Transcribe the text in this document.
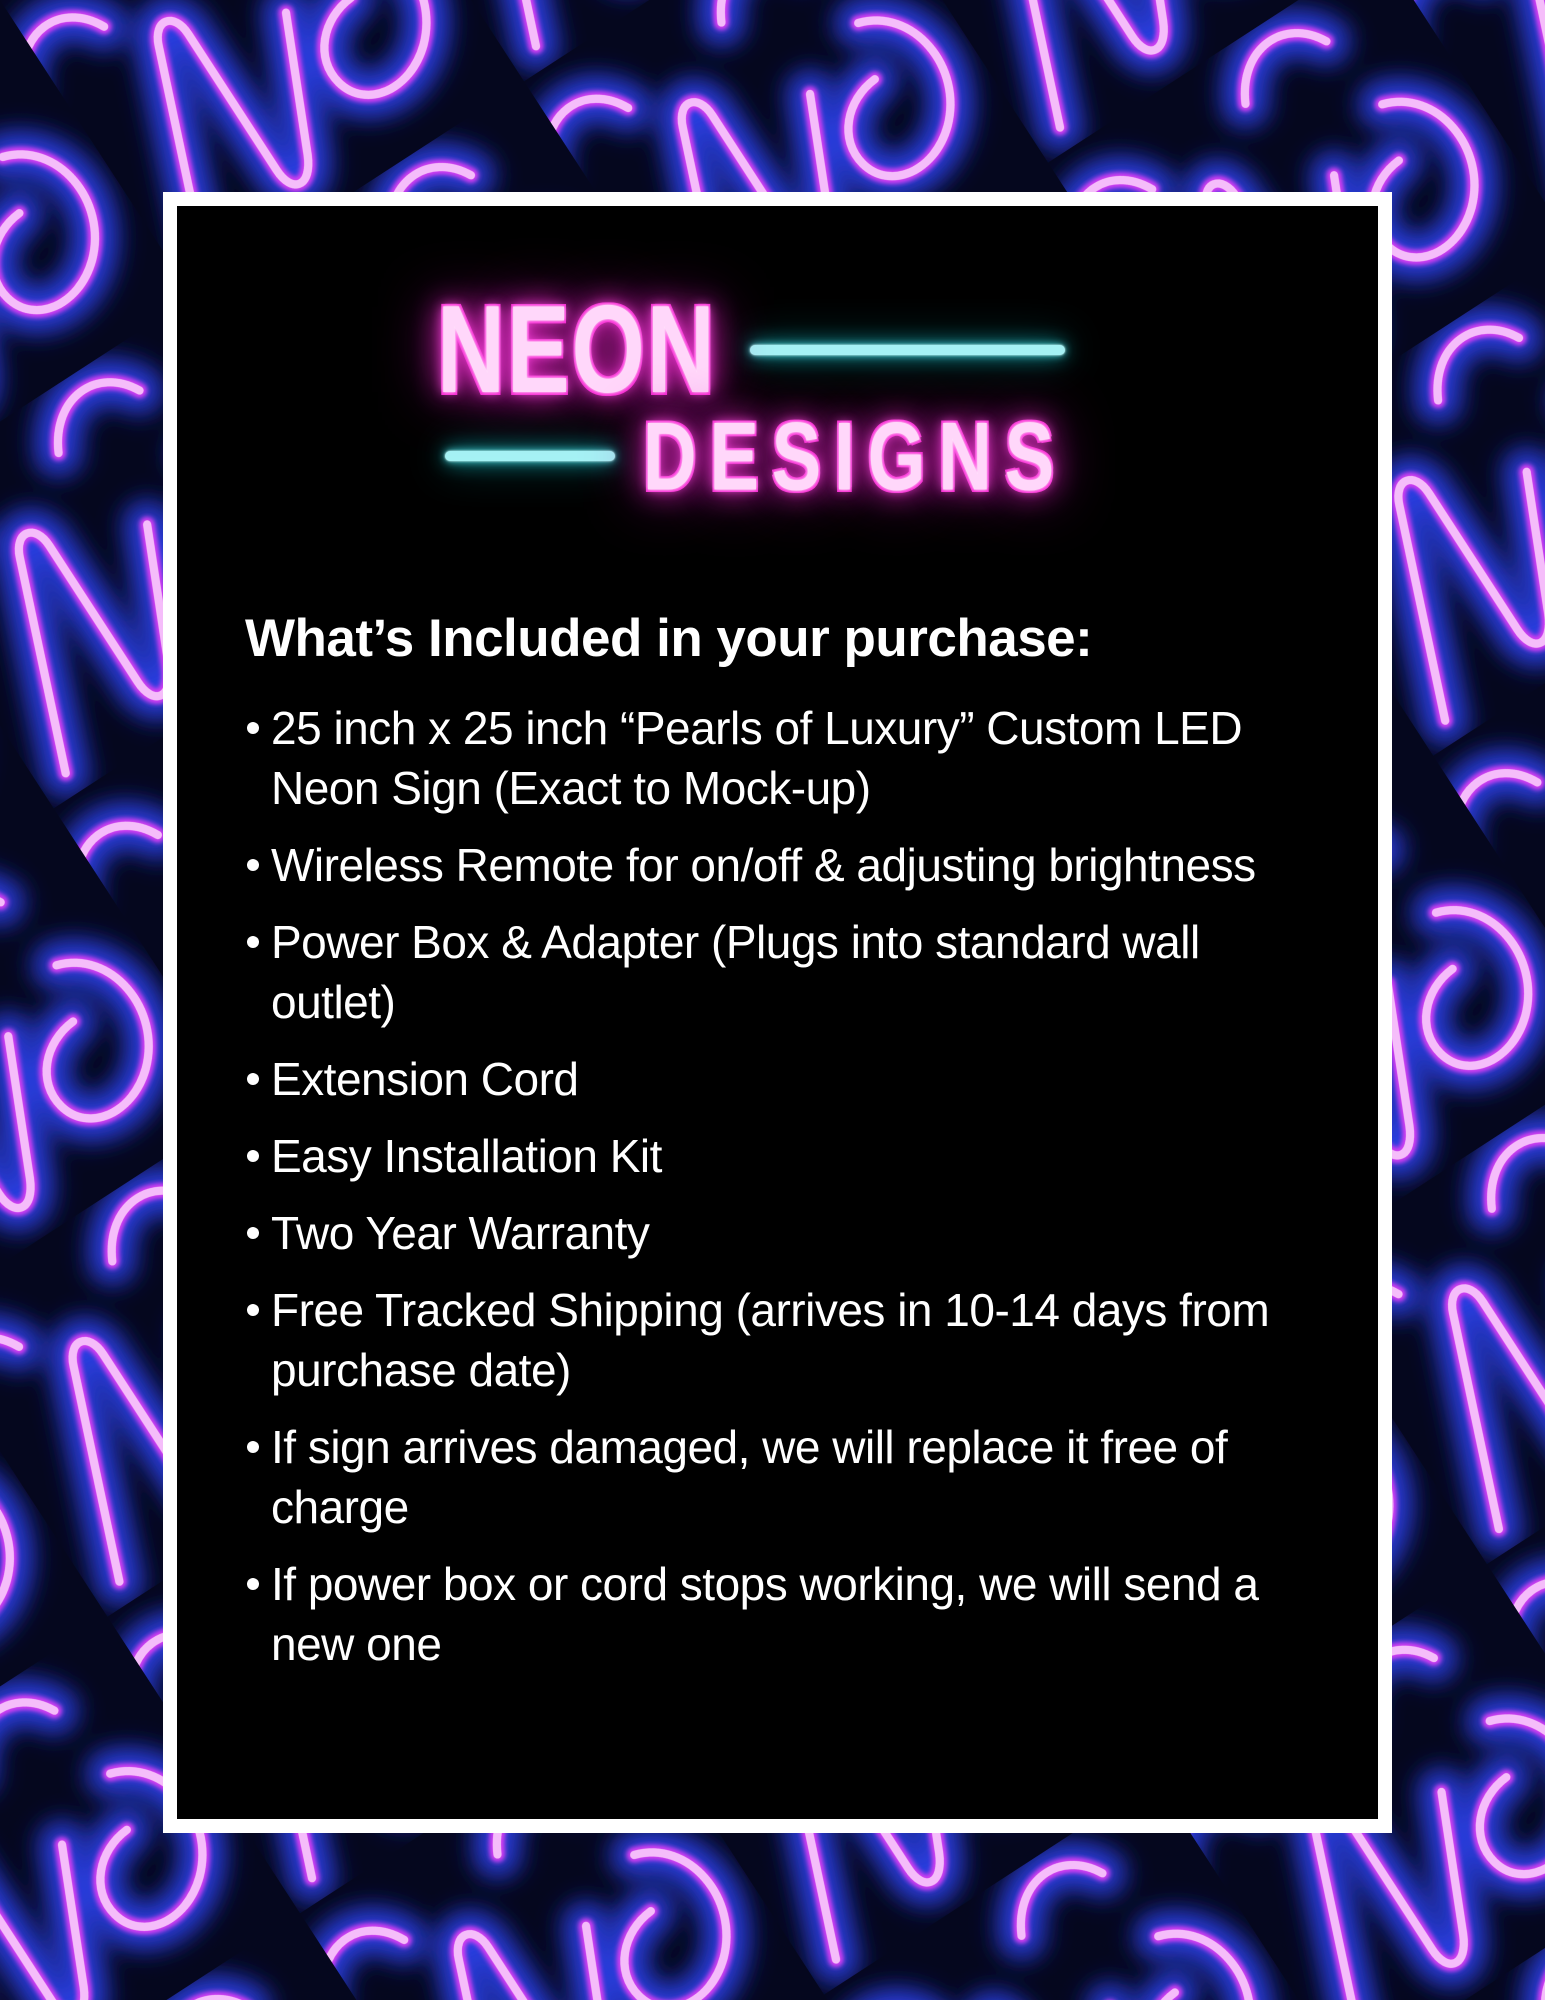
NEON
DESIGNS
What’s Included in your purchase:
25 inch x 25 inch “Pearls of Luxury” Custom LED Neon Sign (Exact to Mock-up)
Wireless Remote for on/off & adjusting brightness
Power Box & Adapter (Plugs into standard wall outlet)
Extension Cord
Easy Installation Kit
Two Year Warranty
Free Tracked Shipping (arrives in 10-14 days from purchase date)
If sign arrives damaged, we will replace it free of charge
If power box or cord stops working, we will send a new one
